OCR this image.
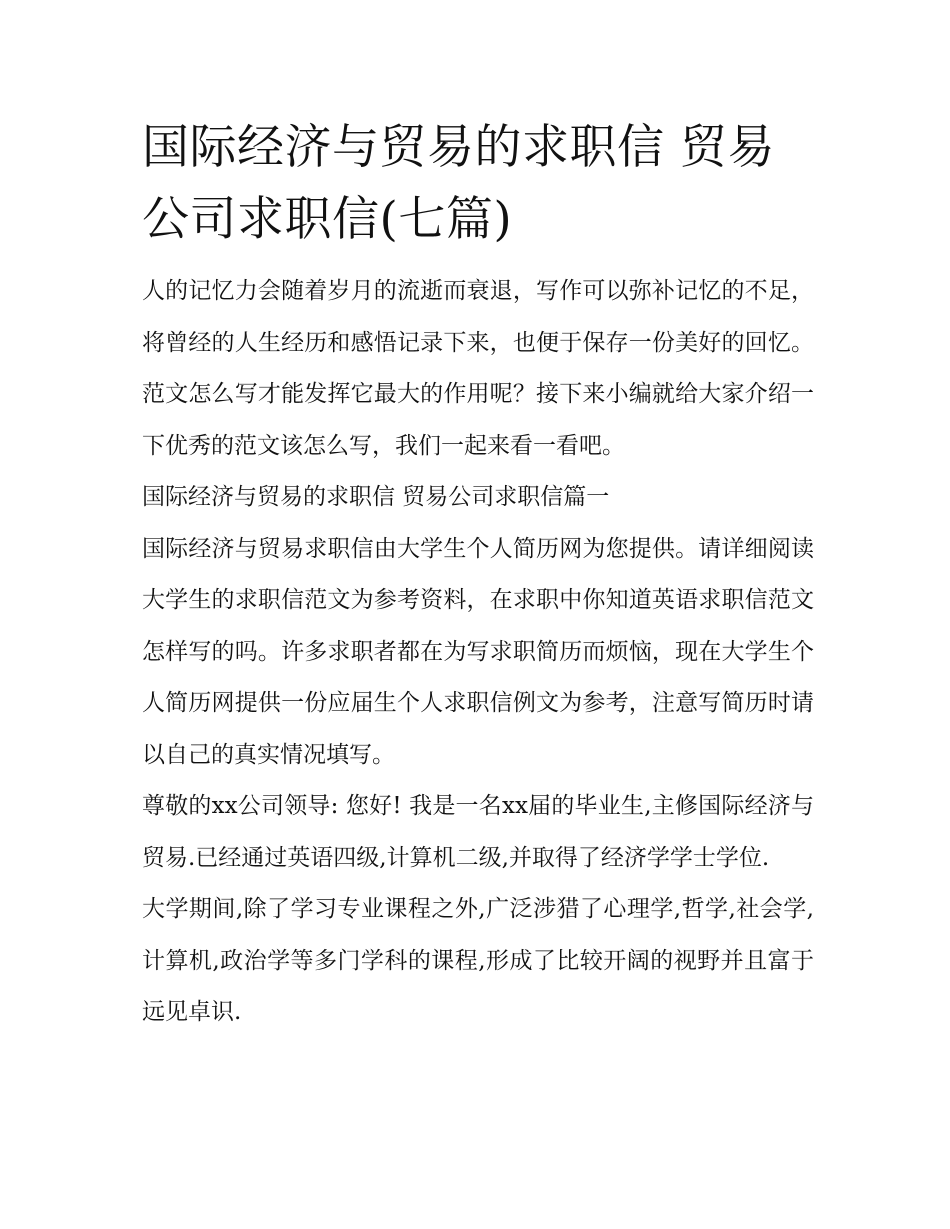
国际经济与贸易的求职信 贸易公司求职信(七篇)

人的记忆力会随着岁月的流逝而衰退，写作可以弥补记忆的不足，将曾经的人生经历和感悟记录下来，也便于保存一份美好的回忆。范文怎么写才能发挥它最大的作用呢？接下来小编就给大家介绍一下优秀的范文该怎么写，我们一起来看一看吧。

国际经济与贸易的求职信 贸易公司求职信篇一

国际经济与贸易求职信由大学生个人简历网为您提供。请详细阅读大学生的求职信范文为参考资料，在求职中你知道英语求职信范文怎样写的吗。许多求职者都在为写求职简历而烦恼，现在大学生个人简历网提供一份应届生个人求职信例文为参考，注意写简历时请以自己的真实情况填写。

尊敬的xx公司领导: 您好! 我是一名xx届的毕业生,主修国际经济与贸易.已经通过英语四级,计算机二级,并取得了经济学学士学位.

大学期间,除了学习专业课程之外,广泛涉猎了心理学,哲学,社会学,计算机,政治学等多门学科的课程,形成了比较开阔的视野并且富于远见卓识.
